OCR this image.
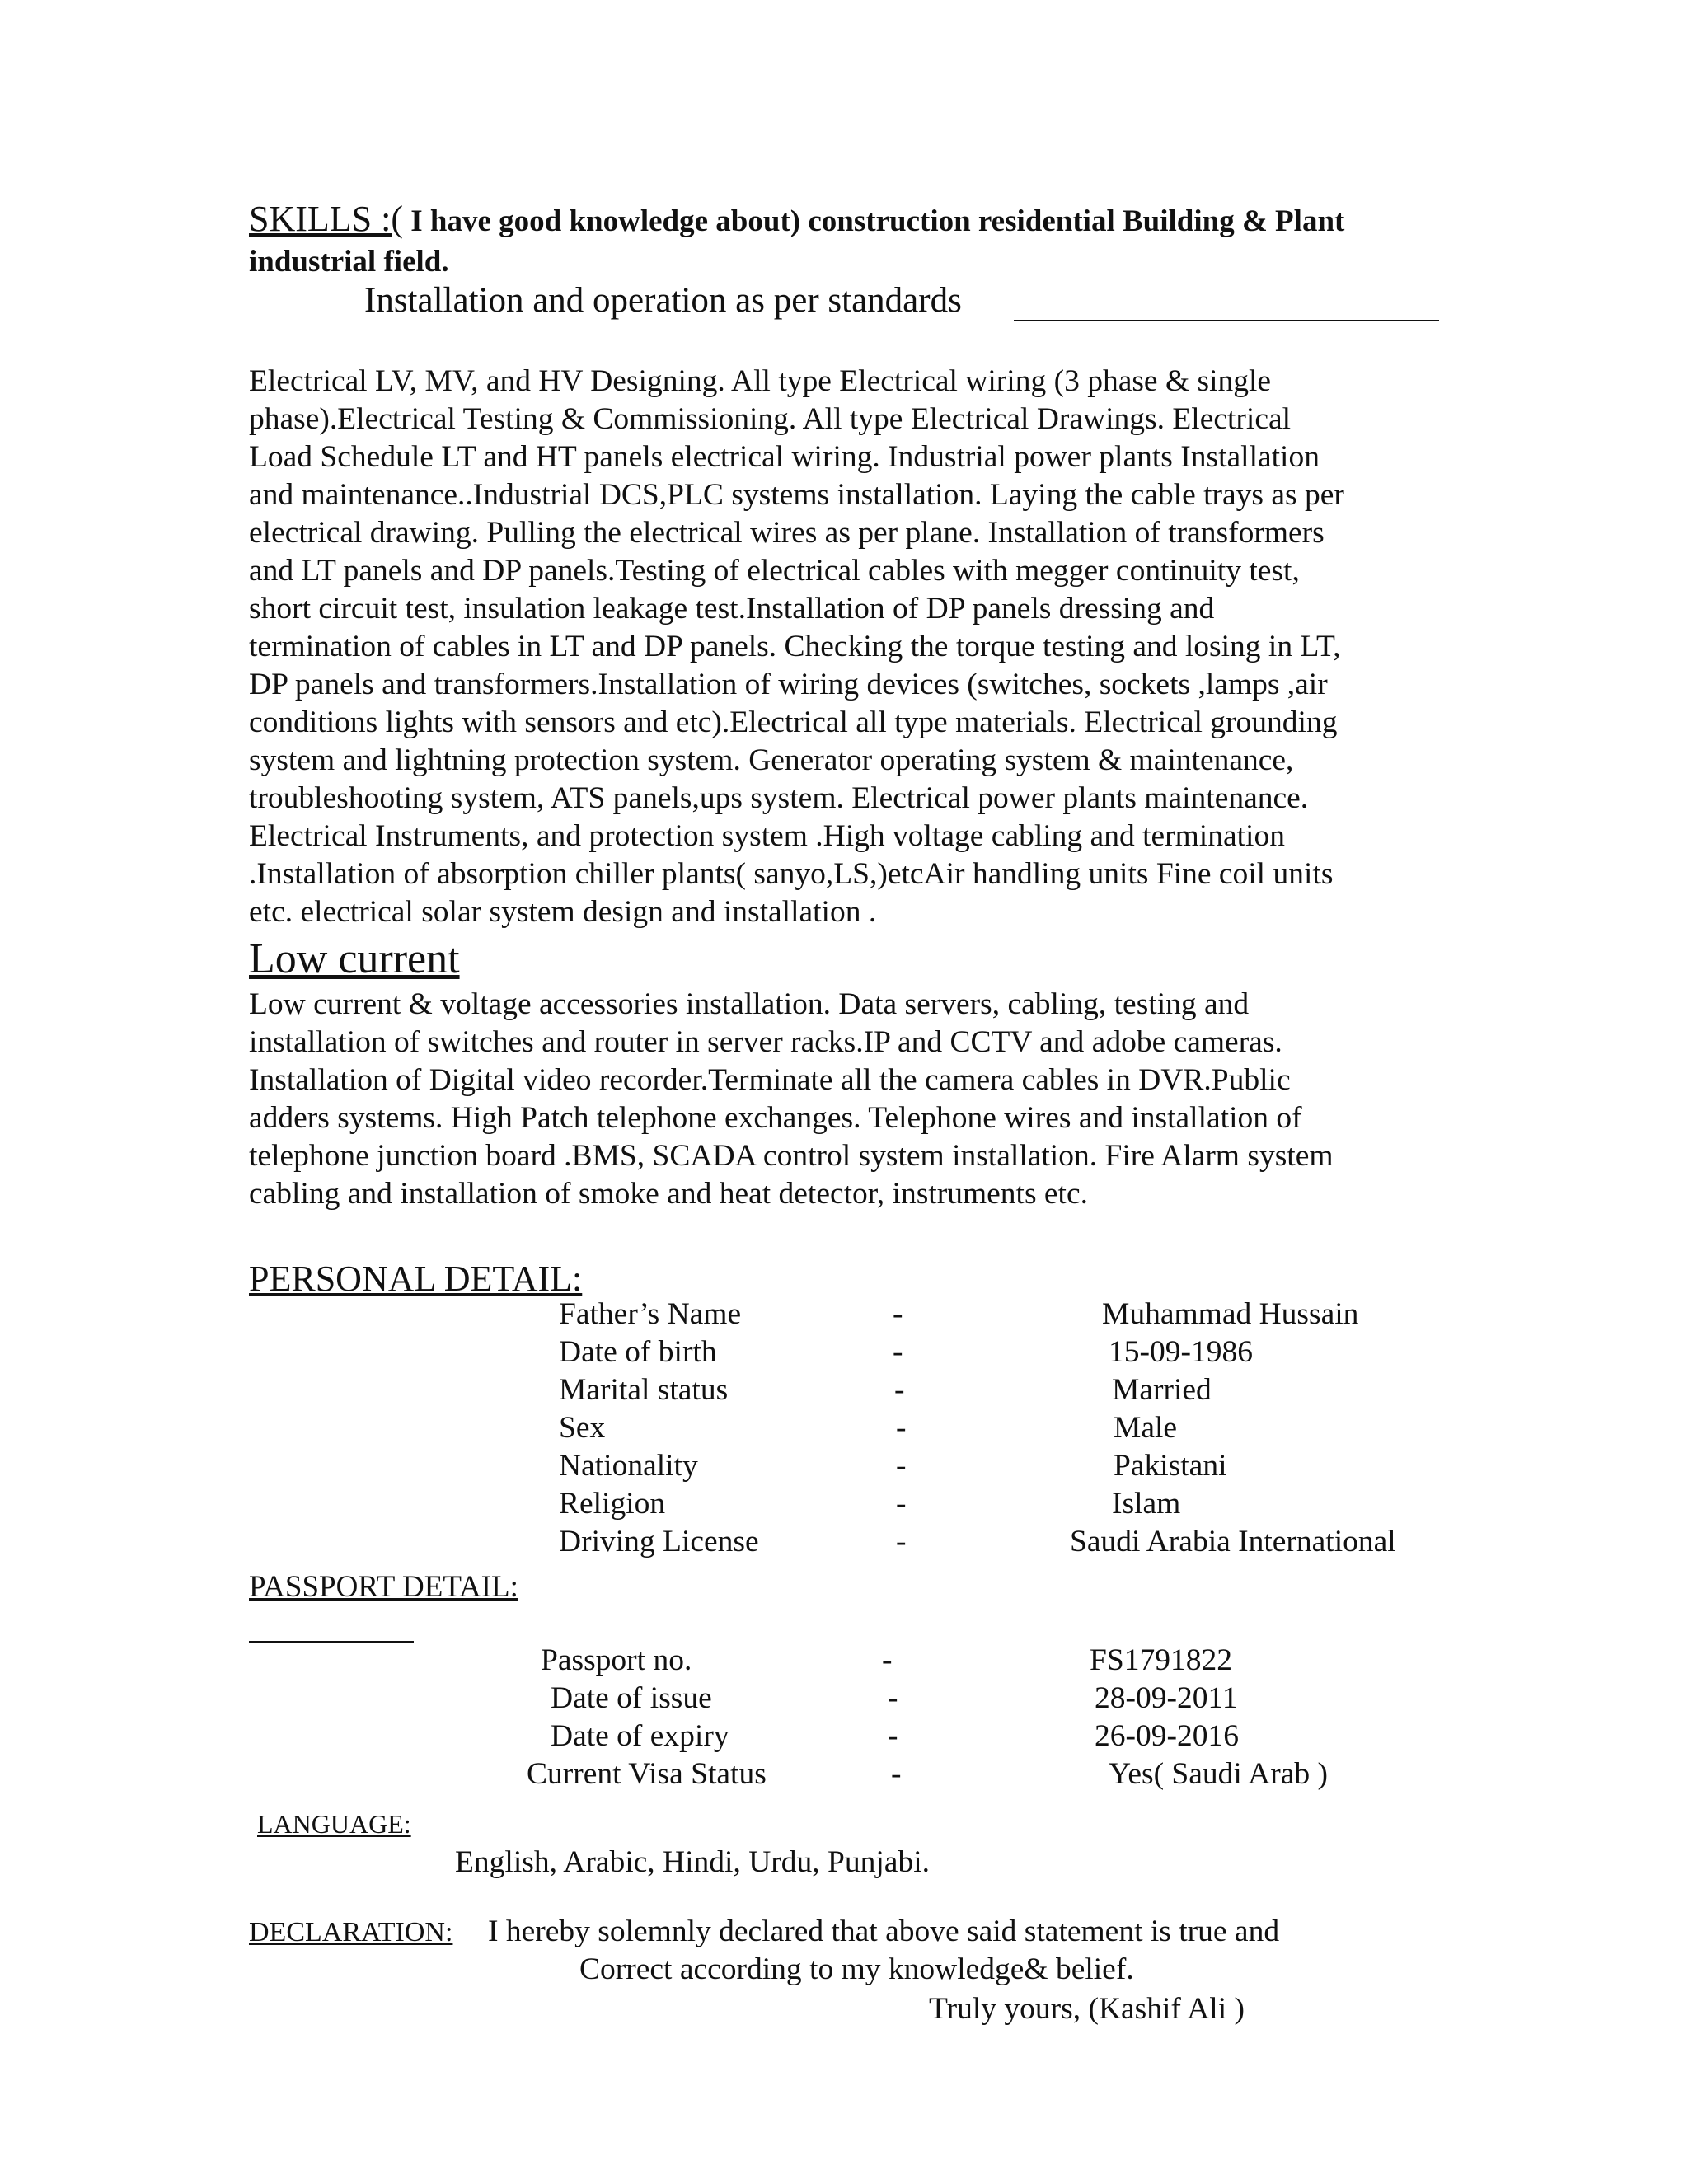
SKILLS :( I have good knowledge about) construction residential Building & Plant
industrial field.
Installation and operation as per standards
Electrical LV, MV, and HV Designing. All type Electrical wiring (3 phase & single
phase).Electrical Testing & Commissioning. All type Electrical Drawings. Electrical
Load Schedule LT and HT panels electrical wiring. Industrial power plants Installation
and maintenance..Industrial DCS,PLC systems installation. Laying the cable trays as per
electrical drawing. Pulling the electrical wires as per plane. Installation of transformers
and LT panels and DP panels.Testing of electrical cables with megger continuity test,
short circuit test, insulation leakage test.Installation of DP panels dressing and
termination of cables in LT and DP panels. Checking the torque testing and losing in LT,
DP panels and transformers.Installation of wiring devices (switches, sockets ,lamps ,air
conditions lights with sensors and etc).Electrical all type materials. Electrical grounding
system and lightning protection system. Generator operating system & maintenance,
troubleshooting system, ATS panels,ups system. Electrical power plants maintenance.
Electrical Instruments, and protection system .High voltage cabling and termination
.Installation of absorption chiller plants( sanyo,LS,)etcAir handling units Fine coil units
etc. electrical solar system design and installation .
Low current
Low current & voltage accessories installation. Data servers, cabling, testing and
installation of switches and router in server racks.IP and CCTV and adobe cameras.
Installation of Digital video recorder.Terminate all the camera cables in DVR.Public
adders systems. High Patch telephone exchanges. Telephone wires and installation of
telephone junction board .BMS, SCADA control system installation. Fire Alarm system
cabling and installation of smoke and heat detector, instruments etc.
PERSONAL DETAIL:
Father’s Name	-	Muhammad Hussain
Date of birth	-	15-09-1986
Marital status	-	Married
Sex	-	Male
Nationality	-	Pakistani
Religion	-	Islam
Driving License	-	Saudi Arabia International
PASSPORT DETAIL:
Passport no.	-	FS1791822
Date of issue	-	28-09-2011
Date of expiry	-	26-09-2016
Current Visa Status	-	Yes( Saudi Arab )
LANGUAGE:
English, Arabic, Hindi, Urdu, Punjabi.
DECLARATION: I hereby solemnly declared that above said statement is true and
Correct according to my knowledge& belief.
Truly yours, (Kashif Ali )
